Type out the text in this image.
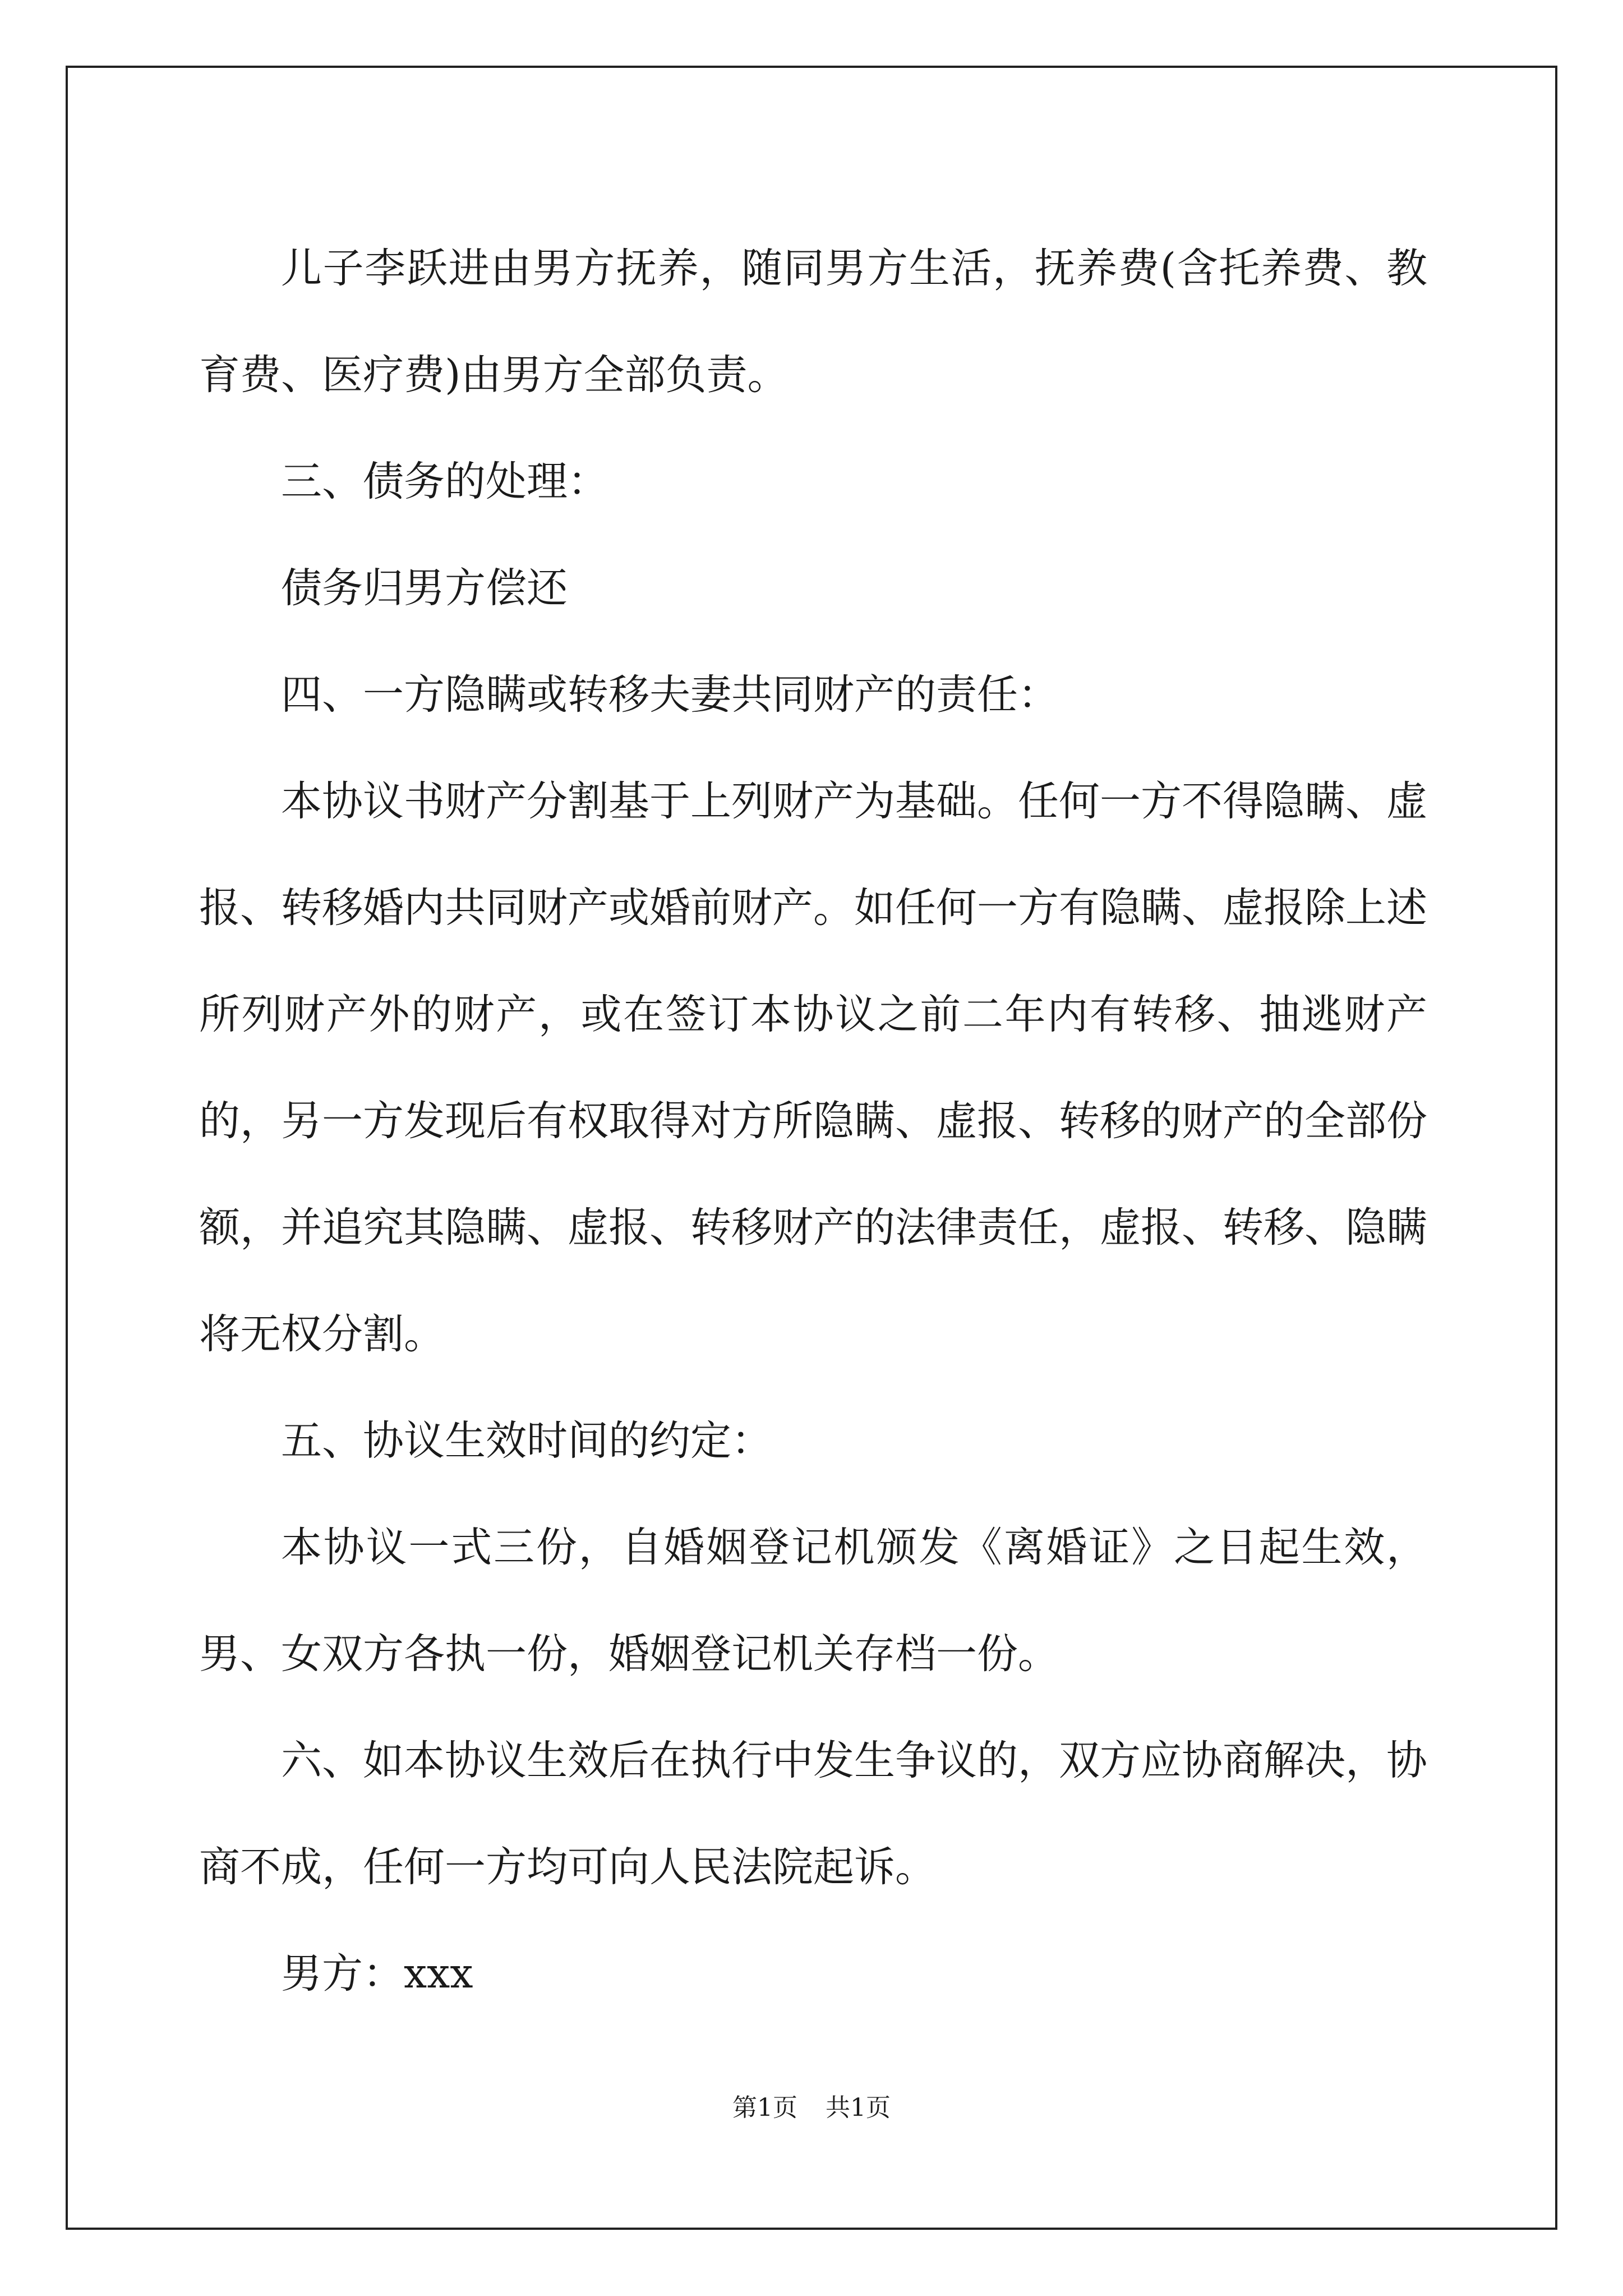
儿子李跃进由男方抚养，随同男方生活，抚养费(含托养费、教育费、医疗费)由男方全部负责。

三、债务的处理：

债务归男方偿还

四、一方隐瞒或转移夫妻共同财产的责任：

本协议书财产分割基于上列财产为基础。任何一方不得隐瞒、虚报、转移婚内共同财产或婚前财产。如任何一方有隐瞒、虚报除上述所列财产外的财产，或在签订本协议之前二年内有转移、抽逃财产的，另一方发现后有权取得对方所隐瞒、虚报、转移的财产的全部份额，并追究其隐瞒、虚报、转移财产的法律责任，虚报、转移、隐瞒将无权分割。

五、协议生效时间的约定：

本协议一式三份，自婚姻登记机颁发《离婚证》之日起生效，男、女双方各执一份，婚姻登记机关存档一份。

六、如本协议生效后在执行中发生争议的，双方应协商解决，协商不成，任何一方均可向人民法院起诉。

男方：xxx

第1页 共1页
